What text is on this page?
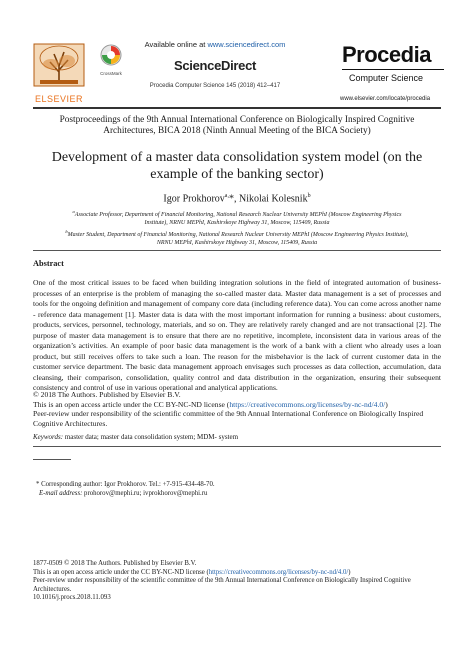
ELSEVIER
CrossMark
Available online at www.sciencedirect.com
ScienceDirect
Procedia Computer Science 145 (2018) 412–417
Procedia
Computer Science
www.elsevier.com/locate/procedia
Postproceedings of the 9th Annual International Conference on Biologically Inspired Cognitive
Architectures, BICA 2018 (Ninth Annual Meeting of the BICA Society)
Development of a master data consolidation system model (on the
example of the banking sector)
Igor Prokhorov$^{a,}$*, Nikolai Kolesnik$^b$
$^a$Associate Professor, Department of Financial Monitoring, National Research Nuclear University MEPhI (Moscow Engineering Physics
Institute), NRNU MEPhI, Kashirskoye Highway 31, Moscow, 115409, Russia
$^b$Master Student, Department of Financial Monitoring, National Research Nuclear University MEPhI (Moscow Engineering Physics Institute),
NRNU MEPhI, Kashirskoye Highway 31, Moscow, 115409, Russia
Abstract
One of the most critical issues to be faced when building integration solutions in the field of integrated automation of business-processes of an enterprise is the problem of managing the so-called master data. Master data management is a set of processes and tools for the ongoing definition and management of company core data (including reference data). You can come across another name - reference data management [1]. Master data is data with the most important information for running a business: about customers, products, services, personnel, technology, materials, and so on. They are relatively rarely changed and are not transactional [2]. The purpose of master data management is to ensure that there are no repetitive, incomplete, inconsistent data in various areas of the organization’s activities. An example of poor basic data management is the work of a bank with a client who already uses a loan product, but still receives offers to take such a loan. The reason for the misbehavior is the lack of current customer data in the customer service department. The basic data management approach envisages such processes as data collection, accumulation, data cleansing, their comparison, consolidation, quality control and data distribution in the organization, ensuring their subsequent consistency and control of use in various operational and analytical applications.
© 2018 The Authors. Published by Elsevier B.V.
This is an open access article under the CC BY-NC-ND license (https://creativecommons.org/licenses/by-nc-nd/4.0/)
Peer-review under responsibility of the scientific committee of the 9th Annual International Conference on Biologically Inspired Cognitive Architectures.
Keywords: master data; master data consolidation system; MDM- system
* Corresponding author: Igor Prokhorov. Tel.: +7-915-434-48-70.
E-mail address: prohorov@mephi.ru; ivprokhorov@mephi.ru
1877-0509 © 2018 The Authors. Published by Elsevier B.V.
This is an open access article under the CC BY-NC-ND license (https://creativecommons.org/licenses/by-nc-nd/4.0/)
Peer-review under responsibility of the scientific committee of the 9th Annual International Conference on Biologically Inspired Cognitive Architectures.
10.1016/j.procs.2018.11.093
